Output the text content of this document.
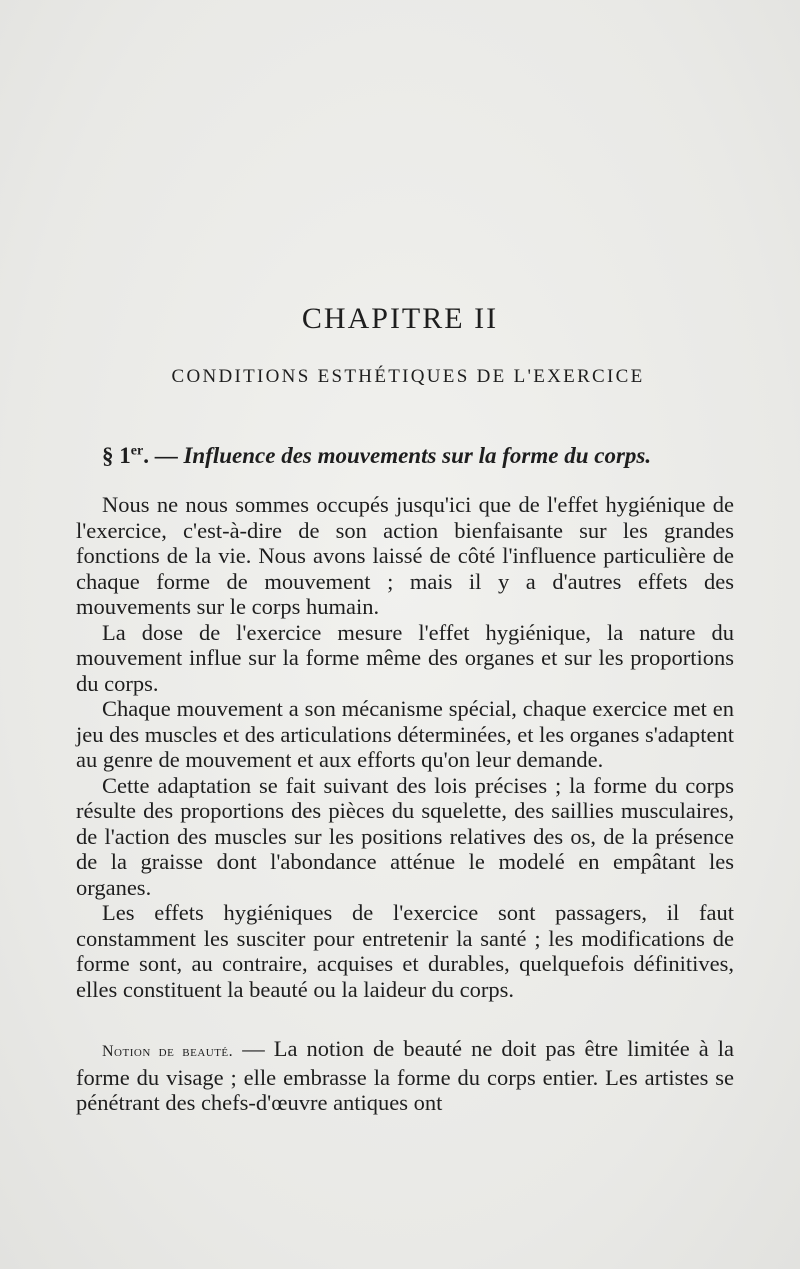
CHAPITRE II
CONDITIONS ESTHÉTIQUES DE L'EXERCICE
§ 1er. — Influence des mouvements sur la forme du corps.

Nous ne nous sommes occupés jusqu'ici que de l'effet hygiénique de l'exercice, c'est-à-dire de son action bienfaisante sur les grandes fonctions de la vie. Nous avons laissé de côté l'influence particulière de chaque forme de mouvement ; mais il y a d'autres effets des mouvements sur le corps humain.

La dose de l'exercice mesure l'effet hygiénique, la nature du mouvement influe sur la forme même des organes et sur les proportions du corps.

Chaque mouvement a son mécanisme spécial, chaque exercice met en jeu des muscles et des articulations déterminées, et les organes s'adaptent au genre de mouvement et aux efforts qu'on leur demande.

Cette adaptation se fait suivant des lois précises ; la forme du corps résulte des proportions des pièces du squelette, des saillies musculaires, de l'action des muscles sur les positions relatives des os, de la présence de la graisse dont l'abondance atténue le modelé en empâtant les organes.

Les effets hygiéniques de l'exercice sont passagers, il faut constamment les susciter pour entretenir la santé ; les modifications de forme sont, au contraire, acquises et durables, quelquefois définitives, elles constituent la beauté ou la laideur du corps.

Notion de beauté. — La notion de beauté ne doit pas être limitée à la forme du visage ; elle embrasse la forme du corps entier. Les artistes se pénétrant des chefs-d'œuvre antiques ont
